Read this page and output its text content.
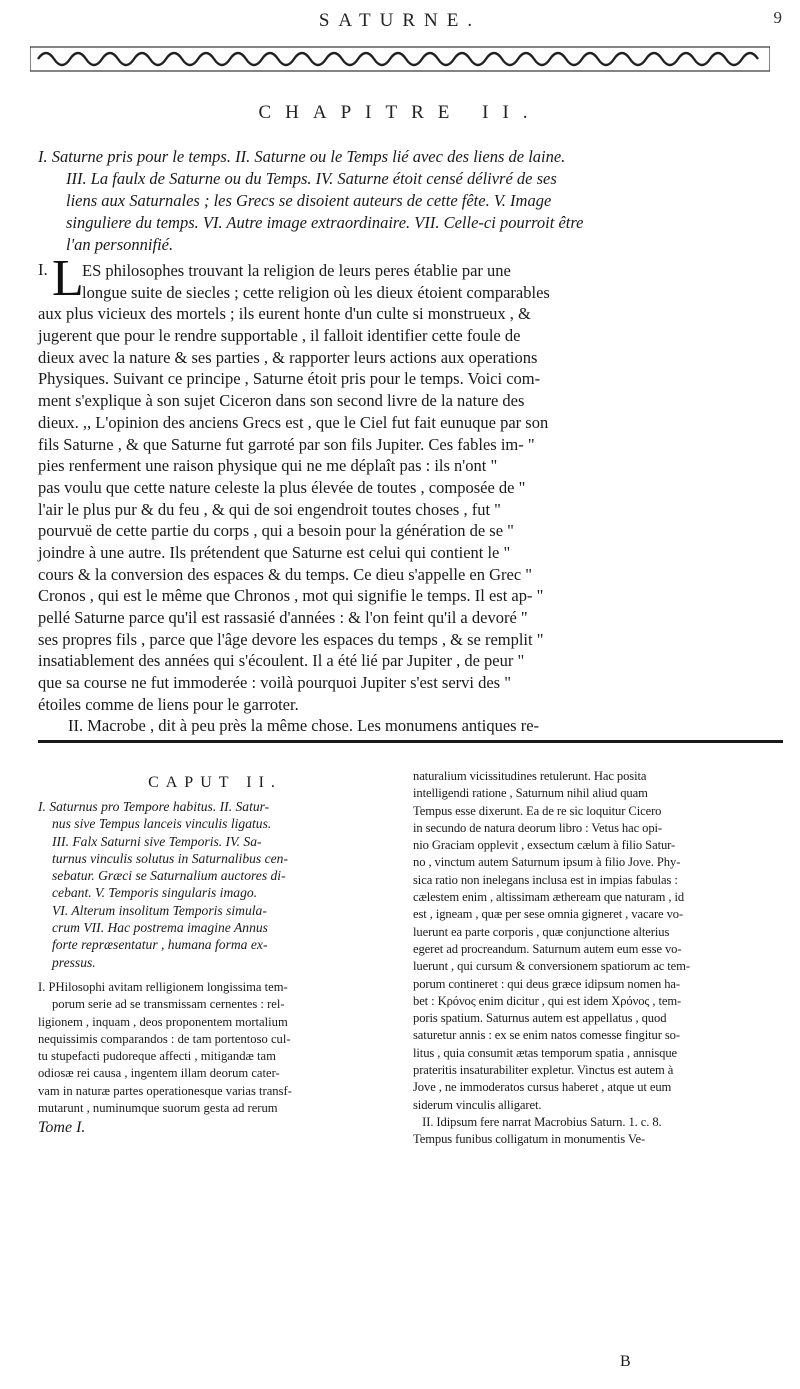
SATURNE.	9
CHAPITRE II.
I. Saturne pris pour le temps. II. Saturne ou le Temps lié avec des liens de laine.
III. La faulx de Saturne ou du Temps. IV. Saturne étoit censé délivré de ses
liens aux Saturnales ; les Grecs se disoient auteurs de cette fête. V. Image
singuliere du temps. VI. Autre image extraordinaire. VII. Celle-ci pourroit être
l'an personnifié.
I. L
ES philosophes trouvant la religion de leurs peres établie par une
longue suite de siecles ; cette religion où les dieux étoient comparables
aux plus vicieux des mortels ; ils eurent honte d'un culte si monstrueux , &
jugerent que pour le rendre supportable , il falloit identifier cette foule de
dieux avec la nature & ses parties , & rapporter leurs actions aux operations
Physiques. Suivant ce principe , Saturne étoit pris pour le temps. Voici com-
ment s'explique à son sujet Ciceron dans son second livre de la nature des
dieux. ,, L'opinion des anciens Grecs est , que le Ciel fut fait eunuque par son
fils Saturne , & que Saturne fut garroté par son fils Jupiter. Ces fables im- "
pies renferment une raison physique qui ne me déplaît pas : ils n'ont "
pas voulu que cette nature celeste la plus élevée de toutes , composée de "
l'air le plus pur & du feu , & qui de soi engendroit toutes choses , fut "
pourvuë de cette partie du corps , qui a besoin pour la génération de se "
joindre à une autre. Ils prétendent que Saturne est celui qui contient le "
cours & la conversion des espaces & du temps. Ce dieu s'appelle en Grec "
Cronos , qui est le même que Chronos , mot qui signifie le temps. Il est ap- "
pellé Saturne parce qu'il est rassasié d'années : & l'on feint qu'il a devoré "
ses propres fils , parce que l'âge devore les espaces du temps , & se remplit "
insatiablement des années qui s'écoulent. Il a été lié par Jupiter , de peur "
que sa course ne fut immoderée : voilà pourquoi Jupiter s'est servi des "
étoiles comme de liens pour le garroter.
II. Macrobe , dit à peu près la même chose. Les monumens antiques re-
CAPUT II.
I. Saturnus pro Tempore habitus. II. Satur-
nus sive Tempus lanceis vinculis ligatus.
III. Falx Saturni sive Temporis. IV. Sa-
turnus vinculis solutus in Saturnalibus cen-
sebatur. Græci se Saturnalium auctores di-
cebant. V. Temporis singularis imago.
VI. Alterum insolitum Temporis simula-
crum VII. Hac postrema imagine Annus
forte repræsentatur , humana forma ex-
pressus.
I. PHilosophi avitam relligionem longissima tem-
porum serie ad se transmissam cernentes : rel-
ligionem , inquam , deos proponentem mortalium
nequissimis comparandos : de tam portentoso cul-
tu stupefacti pudoreque affecti , mitigandæ tam
odiosæ rei causa , ingentem illam deorum cater-
vam in naturæ partes operationesque varias transf-
mutarunt , numinumque suorum gesta ad rerum
Tome I.
naturalium vicissitudines retulerunt. Hac posita
intelligendi ratione , Saturnum nihil aliud quam
Tempus esse dixerunt. Ea de re sic loquitur Cicero
in secundo de natura deorum libro : Vetus hac opi-
nio Graciam opplevit , exsectum cælum à filio Satur-
no , vinctum autem Saturnum ipsum à filio Jove. Phy-
sica ratio non inelegans inclusa est in impias fabulas :
cælestem enim , altissimam ætheream que naturam , id
est , igneam , quæ per sese omnia gigneret , vacare vo-
luerunt ea parte corporis , quæ conjunctione alterius
egeret ad procreandum. Saturnum autem eum esse vo-
luerunt , qui cursum & conversionem spatiorum ac tem-
porum contineret : qui deus græce idipsum nomen ha-
bet : Κρόνος enim dicitur , qui est idem Χρόνος , tem-
poris spatium. Saturnus autem est appellatus , quod
saturetur annis : ex se enim natos comesse fingitur so-
litus , quia consumit ætas temporum spatia , annisque
prateritis insaturabiliter expletur. Vinctus est autem à
Jove , ne immoderatos cursus haberet , atque ut eum
siderum vinculis alligaret.
II. Idipsum fere narrat Macrobius Saturn. 1. c. 8.
Tempus funibus colligatum in monumentis Ve-
B
